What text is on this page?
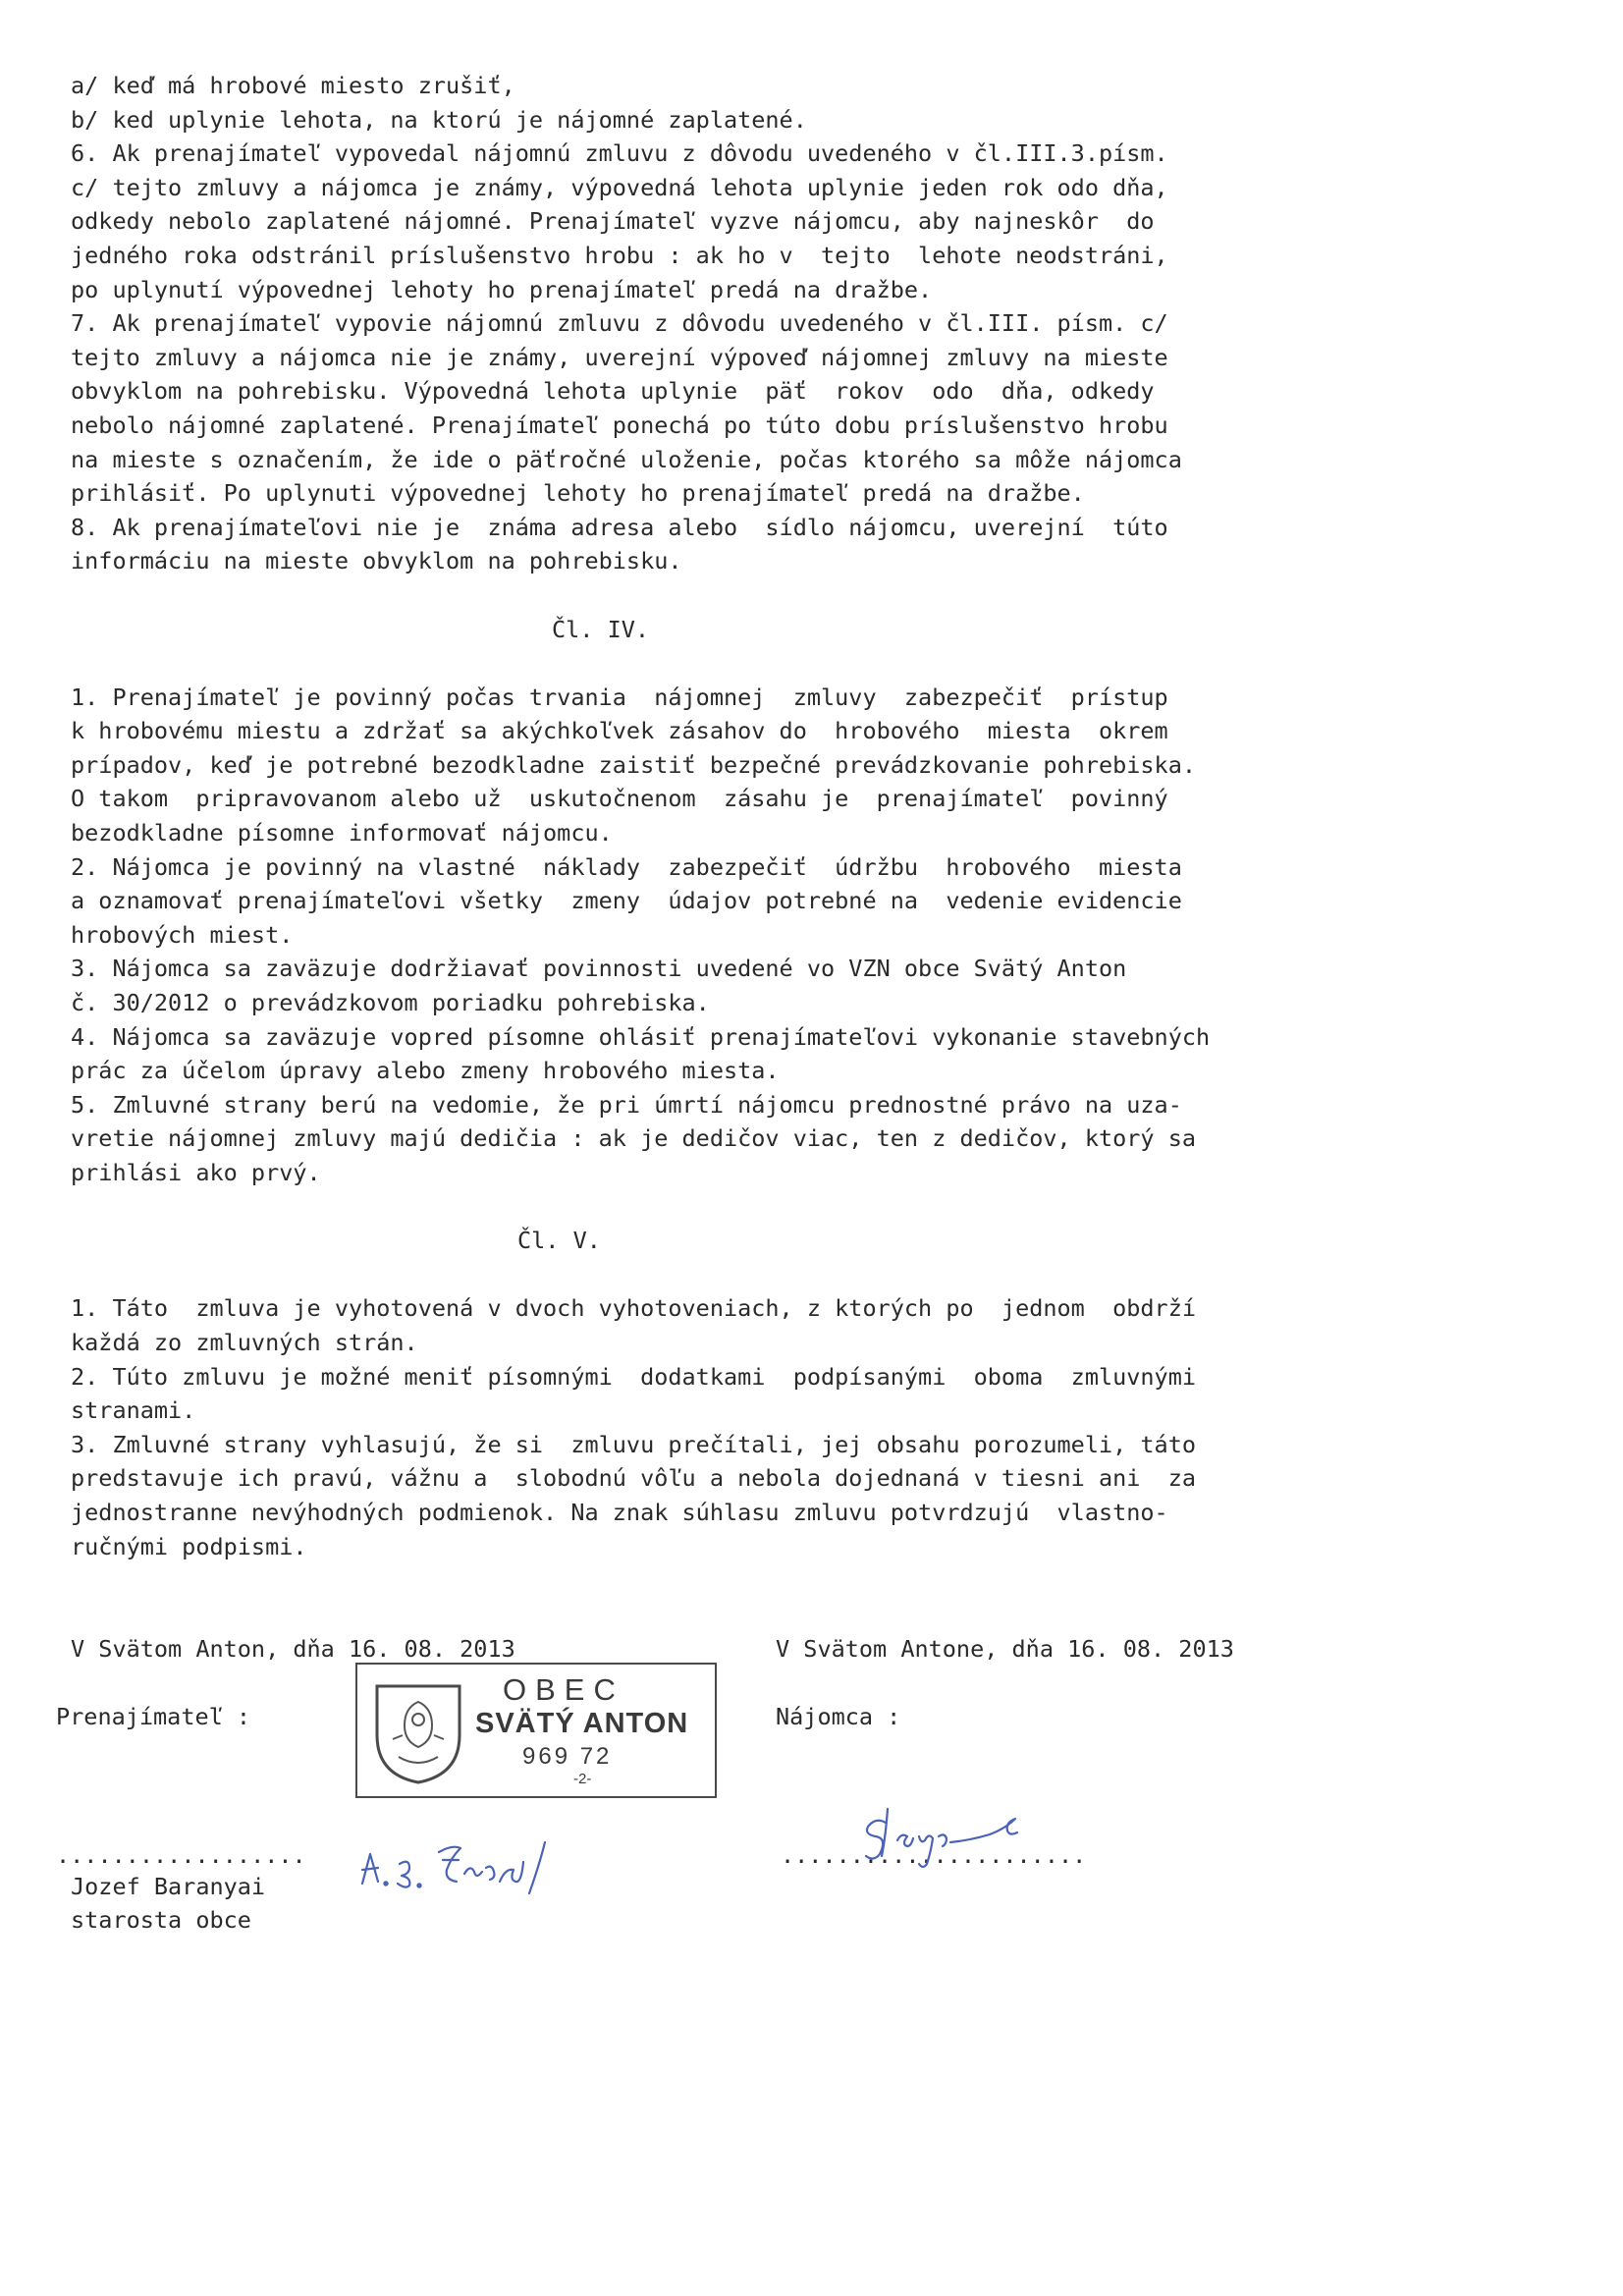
a/ keď má hrobové miesto zrušiť,
b/ ked uplynie lehota, na ktorú je nájomné zaplatené.
6. Ak prenajímateľ vypovedal nájomnú zmluvu z dôvodu uvedeného v čl.III.3.písm.
c/ tejto zmluvy a nájomca je známy, výpovedná lehota uplynie jeden rok odo dňa,
odkedy nebolo zaplatené nájomné. Prenajímateľ vyzve nájomcu, aby najneskôr  do
jedného roka odstránil príslušenstvo hrobu : ak ho v  tejto  lehote neodstráni,
po uplynutí výpovednej lehoty ho prenajímateľ predá na dražbe.
7. Ak prenajímateľ vypovie nájomnú zmluvu z dôvodu uvedeného v čl.III. písm. c/
tejto zmluvy a nájomca nie je známy, uverejní výpoveď nájomnej zmluvy na mieste
obvyklom na pohrebisku. Výpovedná lehota uplynie  päť  rokov  odo  dňa, odkedy
nebolo nájomné zaplatené. Prenajímateľ ponechá po túto dobu príslušenstvo hrobu
na mieste s označením, že ide o päťročné uloženie, počas ktorého sa môže nájomca
prihlásiť. Po uplynuti výpovednej lehoty ho prenajímateľ predá na dražbe.
8. Ak prenajímateľovi nie je  známa adresa alebo  sídlo nájomcu, uverejní  túto
informáciu na mieste obvyklom na pohrebisku.
Čl. IV.
1. Prenajímateľ je povinný počas trvania  nájomnej  zmluvy  zabezpečiť  prístup
k hrobovému miestu a zdržať sa akýchkoľvek zásahov do  hrobového  miesta  okrem
prípadov, keď je potrebné bezodkladne zaistiť bezpečné prevádzkovanie pohrebiska.
O takom  pripravovanom alebo už  uskutočnenom  zásahu je  prenajímateľ  povinný
bezodkladne písomne informovať nájomcu.
2. Nájomca je povinný na vlastné  náklady  zabezpečiť  údržbu  hrobového  miesta
a oznamovať prenajímateľovi všetky  zmeny  údajov potrebné na  vedenie evidencie
hrobových miest.
3. Nájomca sa zaväzuje dodržiavať povinnosti uvedené vo VZN obce Svätý Anton
č. 30/2012 o prevádzkovom poriadku pohrebiska.
4. Nájomca sa zaväzuje vopred písomne ohlásiť prenajímateľovi vykonanie stavebných
prác za účelom úpravy alebo zmeny hrobového miesta.
5. Zmluvné strany berú na vedomie, že pri úmrtí nájomcu prednostné právo na uza-
vretie nájomnej zmluvy majú dedičia : ak je dedičov viac, ten z dedičov, ktorý sa
prihlási ako prvý.
Čl. V.
1. Táto  zmluva je vyhotovená v dvoch vyhotoveniach, z ktorých po  jednom  obdrží
každá zo zmluvných strán.
2. Túto zmluvu je možné meniť písomnými  dodatkami  podpísanými  oboma  zmluvnými
stranami.
3. Zmluvné strany vyhlasujú, že si  zmluvu prečítali, jej obsahu porozumeli, táto
predstavuje ich pravú, vážnu a  slobodnú vôľu a nebola dojednaná v tiesni ani  za
jednostranne nevýhodných podmienok. Na znak súhlasu zmluvu potvrdzujú  vlastno-
ručnými podpismi.
V Svätom Anton, dňa 16. 08. 2013	V Svätom Antone, dňa 16. 08. 2013
Prenajímateľ :	Nájomca :
OBEC
SVÄTÝ ANTON
969 72
-2-
..................	......................
Jozef Baranyai
starosta obce
